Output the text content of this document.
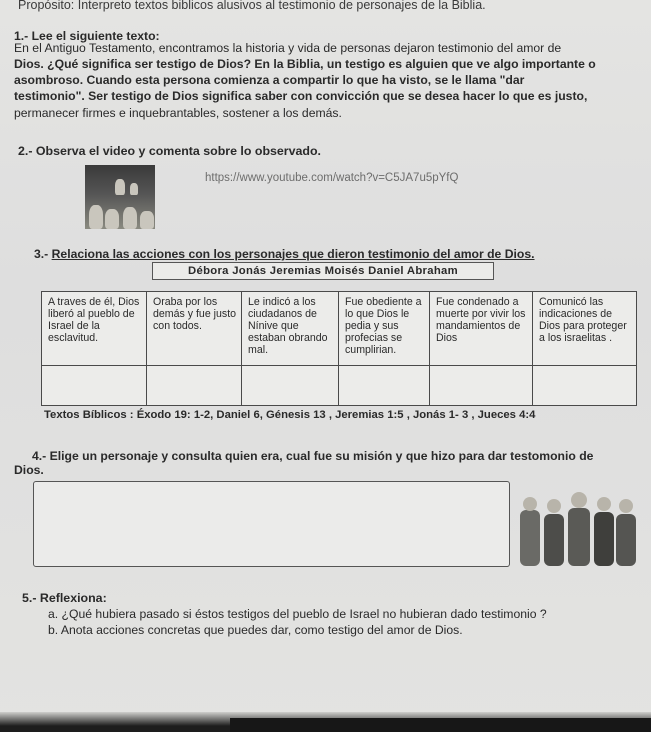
Propósito: Interpreto textos biblicos alusivos al testimonio de personajes de la Biblia.
1.- Lee el siguiente texto:
En el Antiguo Testamento, encontramos la historia y vida de personas dejaron testimonio del amor de
Dios. ¿Qué significa ser testigo de Dios? En la Biblia, un testigo es alguien que ve algo importante o
asombroso. Cuando esta persona comienza a compartir lo que ha visto, se le llama "dar
testimonio". Ser testigo de Dios significa saber con convicción que se desea hacer lo que es justo,
permanecer firmes e inquebrantables, sostener a los demás.
2.- Observa el video y comenta sobre lo observado.
https://www.youtube.com/watch?v=C5JA7u5pYfQ
3.- Relaciona las acciones con los personajes que dieron testimonio del amor de Dios.
Débora Jonás Jeremias Moisés Daniel Abraham
A traves de él, Dios liberó al pueblo de Israel de la esclavitud.	Oraba por los demás y fue justo con todos.	Le indicó a los ciudadanos de Nínive que estaban obrando mal.	Fue obediente a lo que Dios le pedia y sus profecias se cumplirian.	Fue condenado a muerte por vivir los mandamientos de Dios	Comunicó las indicaciones de Dios para proteger a los israelitas .

Textos Bíblicos : Éxodo 19: 1-2, Daniel 6, Génesis 13 , Jeremias 1:5 , Jonás 1- 3 , Jueces 4:4
4.- Elige un personaje y consulta quien era, cual fue su misión y que hizo para dar testomonio de
Dios.
5.- Reflexiona:
a. ¿Qué hubiera pasado si éstos testigos del pueblo de Israel no hubieran dado testimonio ?
b. Anota acciones concretas que puedes dar, como testigo del amor de Dios.
